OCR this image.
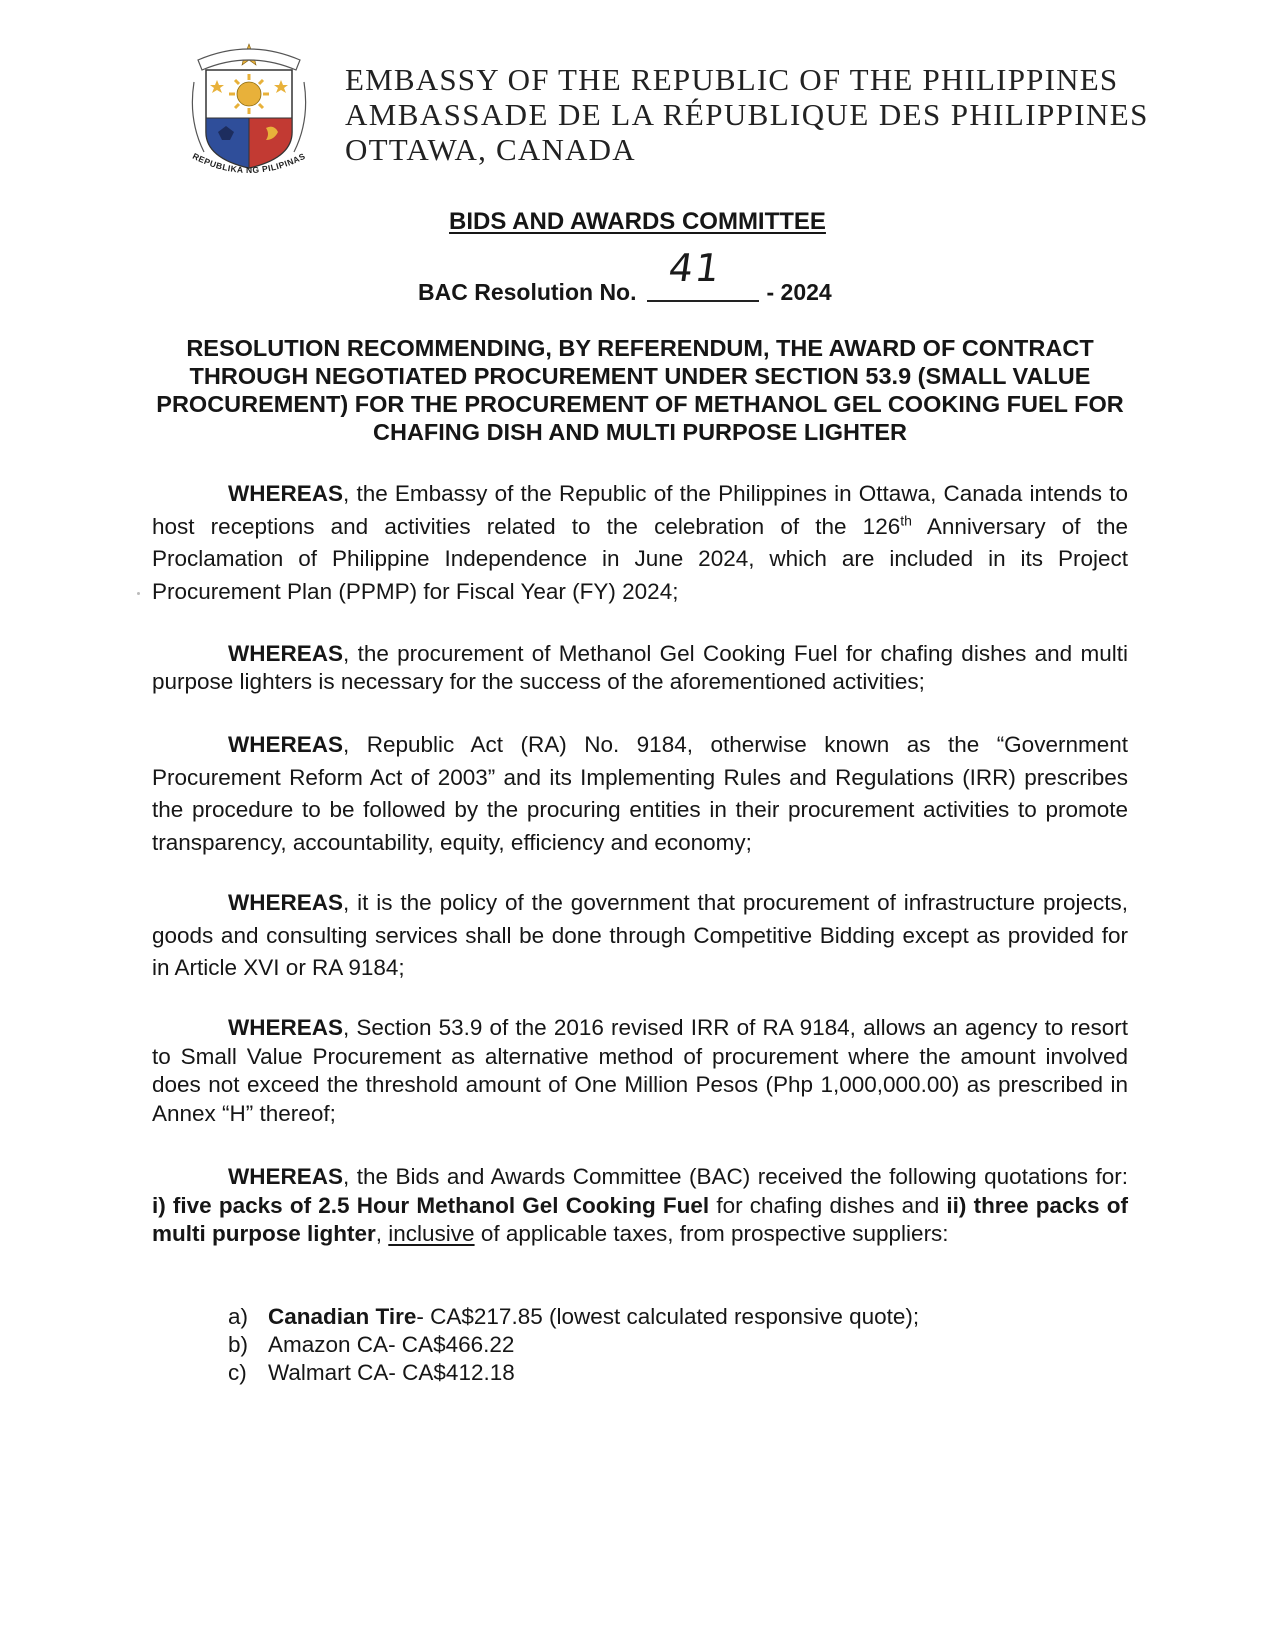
REPUBLIKA NG PILIPINAS
EMBASSY OF THE REPUBLIC OF THE PHILIPPINES
AMBASSADE DE LA RÉPUBLIQUE DES PHILIPPINES
OTTAWA, CANADA
BIDS AND AWARDS COMMITTEE
BAC Resolution No.
41
- 2024
RESOLUTION RECOMMENDING, BY REFERENDUM, THE AWARD OF CONTRACT THROUGH NEGOTIATED PROCUREMENT UNDER SECTION 53.9 (SMALL VALUE PROCUREMENT) FOR THE PROCUREMENT OF METHANOL GEL COOKING FUEL FOR CHAFING DISH AND MULTI PURPOSE LIGHTER
WHEREAS, the Embassy of the Republic of the Philippines in Ottawa, Canada intends to host receptions and activities related to the celebration of the 126th Anniversary of the Proclamation of Philippine Independence in June 2024, which are included in its Project Procurement Plan (PPMP) for Fiscal Year (FY) 2024;
WHEREAS, the procurement of Methanol Gel Cooking Fuel for chafing dishes and multi purpose lighters is necessary for the success of the aforementioned activities;
WHEREAS, Republic Act (RA) No. 9184, otherwise known as the “Government Procurement Reform Act of 2003” and its Implementing Rules and Regulations (IRR) prescribes the procedure to be followed by the procuring entities in their procurement activities to promote transparency, accountability, equity, efficiency and economy;
WHEREAS, it is the policy of the government that procurement of infrastructure projects, goods and consulting services shall be done through Competitive Bidding except as provided for in Article XVI or RA 9184;
WHEREAS, Section 53.9 of the 2016 revised IRR of RA 9184, allows an agency to resort to Small Value Procurement as alternative method of procurement where the amount involved does not exceed the threshold amount of One Million Pesos (Php 1,000,000.00) as prescribed in Annex “H” thereof;
WHEREAS, the Bids and Awards Committee (BAC) received the following quotations for: i) five packs of 2.5 Hour Methanol Gel Cooking Fuel for chafing dishes and ii) three packs of multi purpose lighter, inclusive of applicable taxes, from prospective suppliers:
a) Canadian Tire - CA$217.85 (lowest calculated responsive quote);
b) Amazon CA - CA$466.22
c) Walmart CA - CA$412.18
